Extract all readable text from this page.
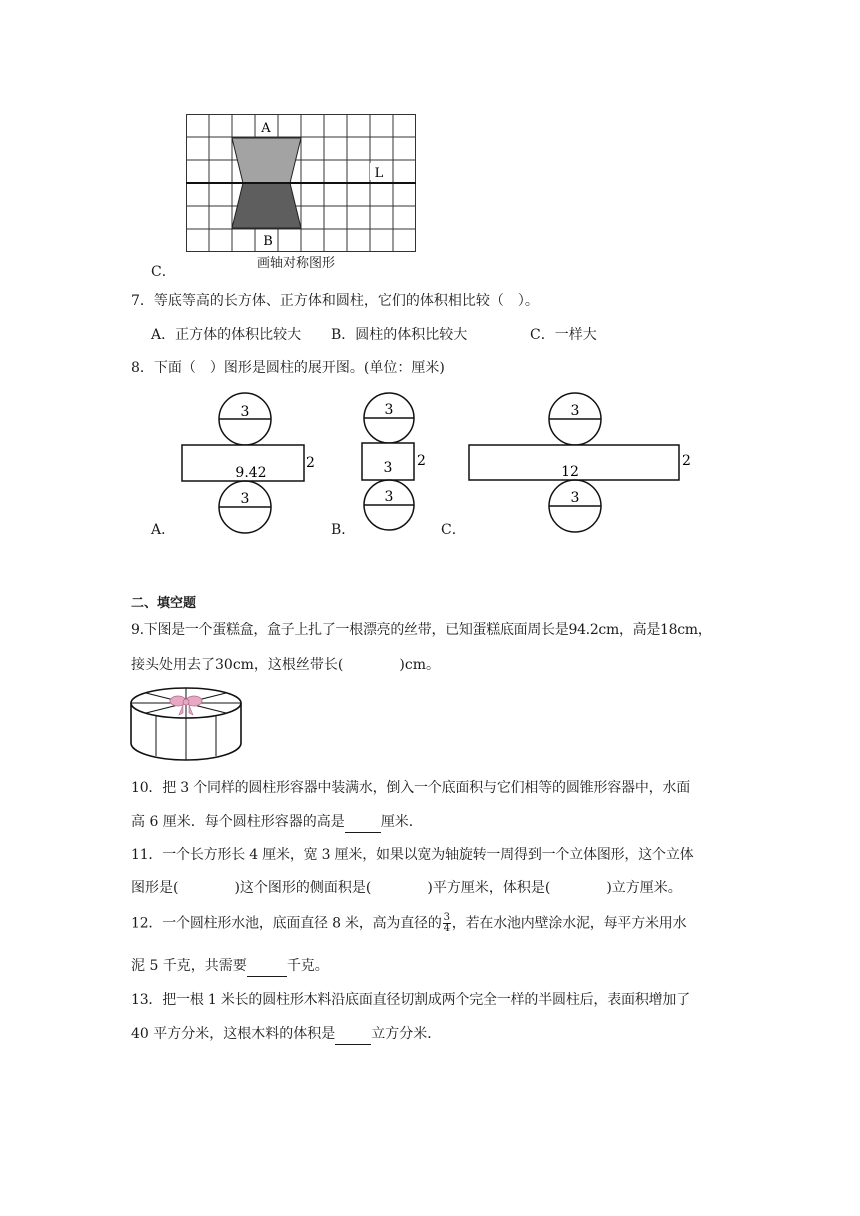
A
B
L
画轴对称图形
C．
7．等底等高的长方体、正方体和圆柱，它们的体积相比较（　）。
A．正方体的体积比较大 B．圆柱的体积比较大	C．一样大
8．下面（　）图形是圆柱的展开图。(单位：厘米)
3
9.42
2
3
A．
3
3 2
3
B．
3
12
2
3
C．
二、填空题
9.下图是一个蛋糕盒，盒子上扎了一根漂亮的丝带，已知蛋糕底面周长是94.2cm，高是18cm，
接头处用去了30cm，这根丝带长(	)cm。
10．把 3 个同样的圆柱形容器中装满水，倒入一个底面积与它们相等的圆锥形容器中，水面
高 6 厘米．每个圆柱形容器的高是	厘米．
11．一个长方形长 4 厘米，宽 3 厘米，如果以宽为轴旋转一周得到一个立体图形，这个立体
图形是(	)这个图形的侧面积是(	)平方厘米，体积是(	)立方厘米。
12．一个圆柱形水池，底面直径 8 米，高为直径的 $\frac{3}{4}$ ，若在水池内壁涂水泥，每平方米用水
泥 5 千克，共需要	千克。
13．把一根 1 米长的圆柱形木料沿底面直径切割成两个完全一样的半圆柱后，表面积增加了
40 平方分米，这根木料的体积是	立方分米．
